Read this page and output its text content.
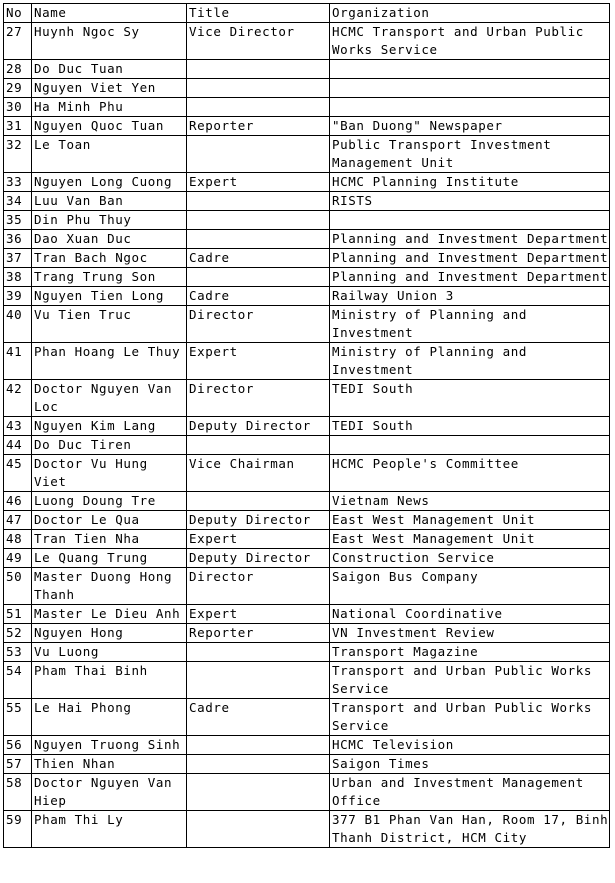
No	Name	Title	Organization
27	Huynh Ngoc Sy	Vice Director	HCMC Transport and Urban Public Works Service
28	Do Duc Tuan		
29	Nguyen Viet Yen		
30	Ha Minh Phu		
31	Nguyen Quoc Tuan	Reporter	"Ban Duong" Newspaper
32	Le Toan		Public Transport Investment Management Unit
33	Nguyen Long Cuong	Expert	HCMC Planning Institute
34	Luu Van Ban		RISTS
35	Din Phu Thuy		
36	Dao Xuan Duc		Planning and Investment Department
37	Tran Bach Ngoc	Cadre	Planning and Investment Department
38	Trang Trung Son		Planning and Investment Department
39	Nguyen Tien Long	Cadre	Railway Union 3
40	Vu Tien Truc	Director	Ministry of Planning and Investment
41	Phan Hoang Le Thuy	Expert	Ministry of Planning and Investment
42	Doctor Nguyen Van Loc	Director	TEDI South
43	Nguyen Kim Lang	Deputy Director	TEDI South
44	Do Duc Tiren		
45	Doctor Vu Hung Viet	Vice Chairman	HCMC People's Committee
46	Luong Doung Tre		Vietnam News
47	Doctor Le Qua	Deputy Director	East West Management Unit
48	Tran Tien Nha	Expert	East West Management Unit
49	Le Quang Trung	Deputy Director	Construction Service
50	Master Duong Hong Thanh	Director	Saigon Bus Company
51	Master Le Dieu Anh	Expert	National Coordinative
52	Nguyen Hong	Reporter	VN Investment Review
53	Vu Luong		Transport Magazine
54	Pham Thai Binh		Transport and Urban Public Works Service
55	Le Hai Phong	Cadre	Transport and Urban Public Works Service
56	Nguyen Truong Sinh		HCMC Television
57	Thien Nhan		Saigon Times
58	Doctor Nguyen Van Hiep		Urban and Investment Management Office
59	Pham Thi Ly		377 B1 Phan Van Han, Room 17, Binh Thanh District, HCM City
